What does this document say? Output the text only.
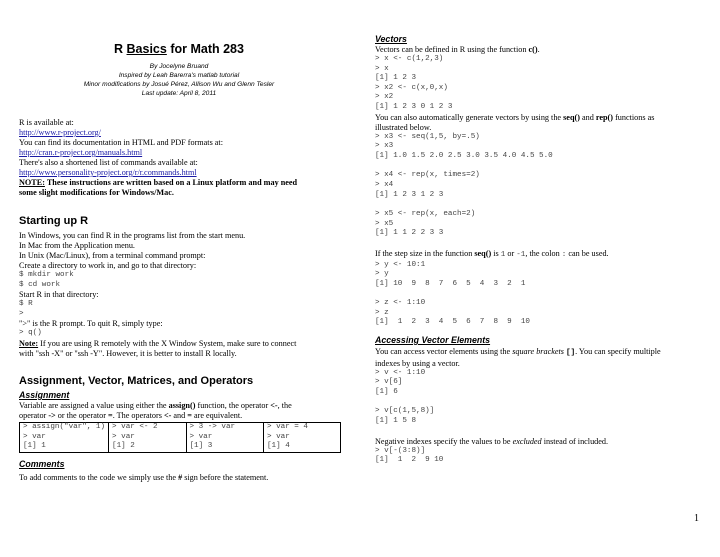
R Basics for Math 283
By Jocelyne Bruand
Inspired by Leah Barerra's matlab tutorial
Minor modifications by Josué Pérez, Allison Wu and Glenn Tesler
Last update: April 8, 2011
R is available at:
http://www.r-project.org/
You can find its documentation in HTML and PDF formats at:
http://cran.r-project.org/manuals.html
There's also a shortened list of commands available at:
http://www.personality-project.org/r/r.commands.html
NOTE: These instructions are written based on a Linux platform and may need
some slight modifications for Windows/Mac.
Starting up R
In Windows, you can find R in the programs list from the start menu.
In Mac from the Application menu.
In Unix (Mac/Linux), from a terminal command prompt:
Create a directory to work in, and go to that directory:
$ mkdir work
$ cd work
Start R in that directory:
$ R
>
">" is the R prompt. To quit R, simply type:
> q()
Note: If you are using R remotely with the X Window System, make sure to connect
with "ssh -X" or "ssh -Y". However, it is better to install R locally.
Assignment, Vector, Matrices, and Operators
Assignment
Variable are assigned a value using either the assign() function, the operator <-, the
operator -> or the operator =. The operators <- and = are equivalent.
> assign("var", 1)
> var
[1] 1

> var <- 2
> var
[1] 2

> 3 -> var
> var
[1] 3

> var = 4
> var
[1] 4
Comments
To add comments to the code we simply use the # sign before the statement.
Vectors
Vectors can be defined in R using the function c().
> x <- c(1,2,3)
> x
[1] 1 2 3
> x2 <- c(x,0,x)
> x2
[1] 1 2 3 0 1 2 3
You can also automatically generate vectors by using the seq() and rep() functions as
illustrated below.
> x3 <- seq(1,5, by=.5)
> x3
[1] 1.0 1.5 2.0 2.5 3.0 3.5 4.0 4.5 5.0
> x4 <- rep(x, times=2)
> x4
[1] 1 2 3 1 2 3
> x5 <- rep(x, each=2)
> x5
[1] 1 1 2 2 3 3
If the step size in the function seq() is 1 or -1, the colon : can be used.
> y <- 10:1
> y
[1] 10  9  8  7  6  5  4  3  2  1
> z <- 1:10
> z
[1]  1  2  3  4  5  6  7  8  9  10
Accessing Vector Elements
You can access vector elements using the square brackets []. You can specify multiple
indexes by using a vector.
> v <- 1:10
> v[6]
[1] 6
> v[c(1,5,8)]
[1] 1 5 8
Negative indexes specify the values to be excluded instead of included.
> v[-(3:8)]
[1]  1  2  9 10
1
